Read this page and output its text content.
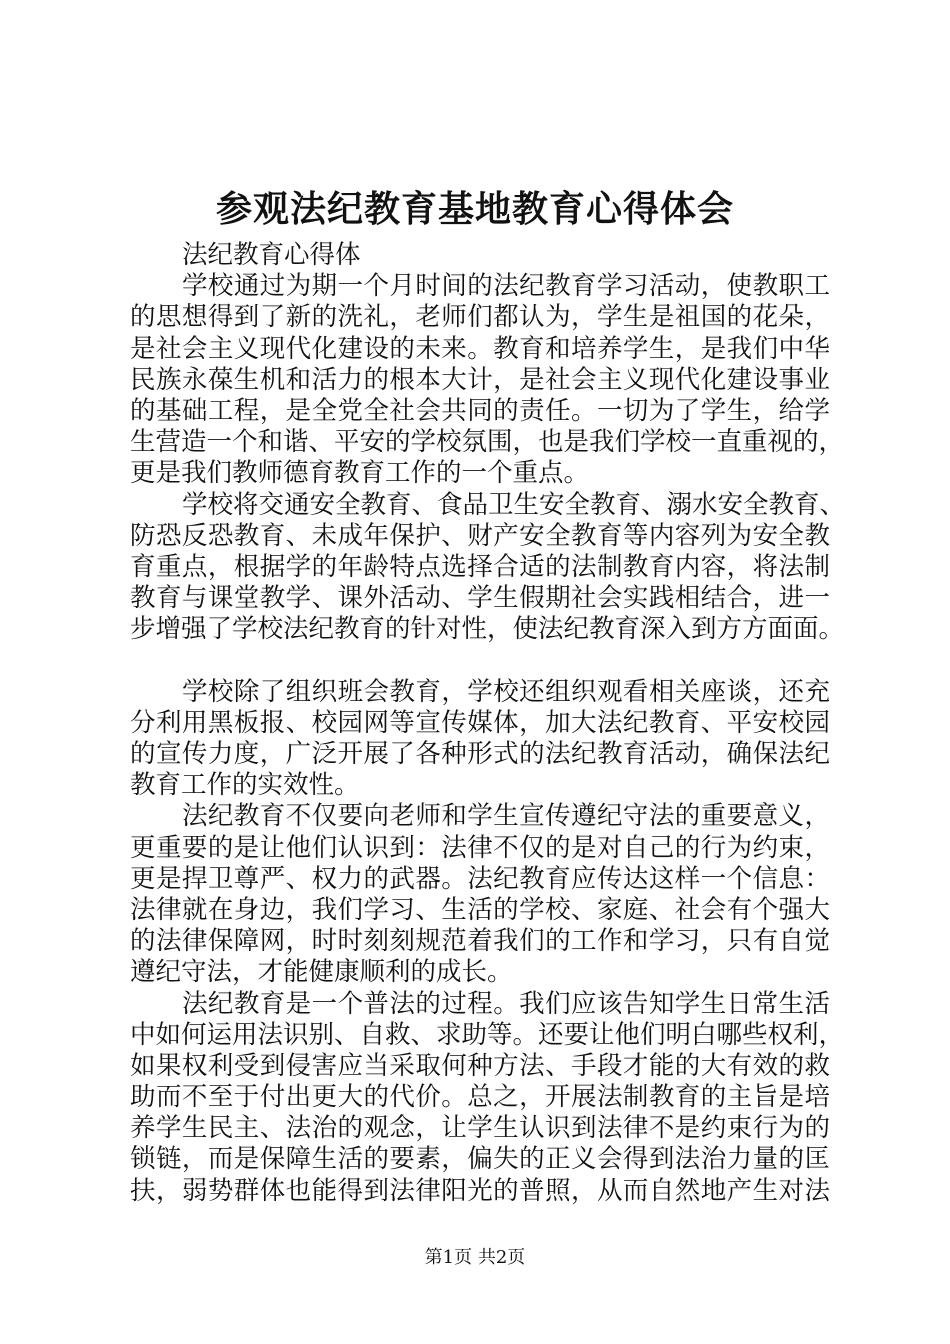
参观法纪教育基地教育心得体会
法纪教育心得体
学校通过为期一个月时间的法纪教育学习活动，使教职工
的思想得到了新的洗礼，老师们都认为，学生是祖国的花朵，
是社会主义现代化建设的未来。教育和培养学生，是我们中华
民族永葆生机和活力的根本大计，是社会主义现代化建设事业
的基础工程，是全党全社会共同的责任。一切为了学生，给学
生营造一个和谐、平安的学校氛围，也是我们学校一直重视的，
更是我们教师德育教育工作的一个重点。
学校将交通安全教育、食品卫生安全教育、溺水安全教育、
防恐反恐教育、未成年保护、财产安全教育等内容列为安全教
育重点，根据学的年龄特点选择合适的法制教育内容，将法制
教育与课堂教学、课外活动、学生假期社会实践相结合，进一
步增强了学校法纪教育的针对性，使法纪教育深入到方方面面。
学校除了组织班会教育，学校还组织观看相关座谈，还充
分利用黑板报、校园网等宣传媒体，加大法纪教育、平安校园
的宣传力度，广泛开展了各种形式的法纪教育活动，确保法纪
教育工作的实效性。
法纪教育不仅要向老师和学生宣传遵纪守法的重要意义，
更重要的是让他们认识到：法律不仅的是对自己的行为约束，
更是捍卫尊严、权力的武器。法纪教育应传达这样一个信息：
法律就在身边，我们学习、生活的学校、家庭、社会有个强大
的法律保障网，时时刻刻规范着我们的工作和学习，只有自觉
遵纪守法，才能健康顺利的成长。
法纪教育是一个普法的过程。我们应该告知学生日常生活
中如何运用法识别、自救、求助等。还要让他们明白哪些权利，
如果权利受到侵害应当采取何种方法、手段才能的大有效的救
助而不至于付出更大的代价。总之，开展法制教育的主旨是培
养学生民主、法治的观念，让学生认识到法律不是约束行为的
锁链，而是保障生活的要素，偏失的正义会得到法治力量的匡
扶，弱势群体也能得到法律阳光的普照，从而自然地产生对法
第1页 共2页
